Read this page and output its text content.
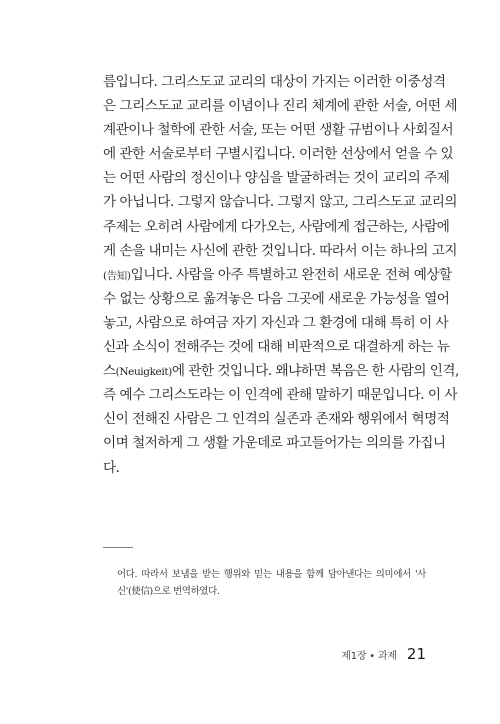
름입니다. 그리스도교 교리의 대상이 가지는 이러한 이중성격
은 그리스도교 교리를 이념이나 진리 체계에 관한 서술, 어떤 세
계관이나 철학에 관한 서술, 또는 어떤 생활 규범이나 사회질서
에 관한 서술로부터 구별시킵니다. 이러한 선상에서 얻을 수 있
는 어떤 사람의 정신이나 양심을 발굴하려는 것이 교리의 주제
가 아닙니다. 그렇지 않습니다. 그렇지 않고, 그리스도교 교리의
주제는 오히려 사람에게 다가오는, 사람에게 접근하는, 사람에
게 손을 내미는 사신에 관한 것입니다. 따라서 이는 하나의 고지
(告知)입니다. 사람을 아주 특별하고 완전히 새로운 전혀 예상할
수 없는 상황으로 옮겨놓은 다음 그곳에 새로운 가능성을 열어
놓고, 사람으로 하여금 자기 자신과 그 환경에 대해 특히 이 사
신과 소식이 전해주는 것에 대해 비판적으로 대결하게 하는 뉴
스(Neuigkeit)에 관한 것입니다. 왜냐하면 복음은 한 사람의 인격,
즉 예수 그리스도라는 이 인격에 관해 말하기 때문입니다. 이 사
신이 전해진 사람은 그 인격의 실존과 존재와 행위에서 혁명적
이며 철저하게 그 생활 가운데로 파고들어가는 의의를 가집니
다.
어다. 따라서 보냄을 받는 행위와 믿는 내용을 함께 담아낸다는 의미에서 '사
신'(使信)으로 번역하였다.
제1장 • 과제 21
